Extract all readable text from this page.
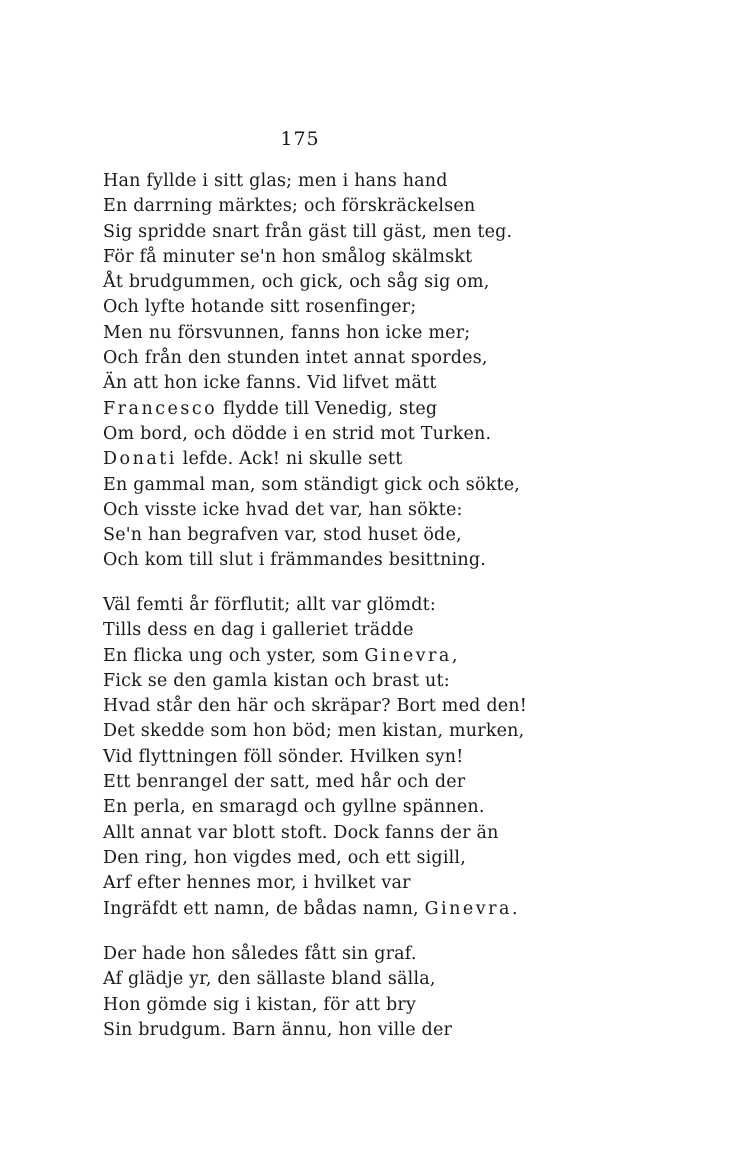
175
Han fyllde i sitt glas; men i hans hand
En darrning märktes; och förskräckelsen
Sig spridde snart från gäst till gäst, men teg.
För få minuter se'n hon smålog skälmskt
Åt brudgummen, och gick, och såg sig om,
Och lyfte hotande sitt rosenfinger;
Men nu försvunnen, fanns hon icke mer;
Och från den stunden intet annat spordes,
Än att hon icke fanns. Vid lifvet mätt
Francesco flydde till Venedig, steg
Om bord, och dödde i en strid mot Turken.
Donati lefde. Ack! ni skulle sett
En gammal man, som ständigt gick och sökte,
Och visste icke hvad det var, han sökte:
Se'n han begrafven var, stod huset öde,
Och kom till slut i främmandes besittning.
Väl femti år förflutit; allt var glömdt:
Tills dess en dag i galleriet trädde
En flicka ung och yster, som Ginevra,
Fick se den gamla kistan och brast ut:
Hvad står den här och skräpar? Bort med den!
Det skedde som hon böd; men kistan, murken,
Vid flyttningen föll sönder. Hvilken syn!
Ett benrangel der satt, med hår och der
En perla, en smaragd och gyllne spännen.
Allt annat var blott stoft. Dock fanns der än
Den ring, hon vigdes med, och ett sigill,
Arf efter hennes mor, i hvilket var
Ingräfdt ett namn, de bådas namn, Ginevra.
Der hade hon således fått sin graf.
Af glädje yr, den sällaste bland sälla,
Hon gömde sig i kistan, för att bry
Sin brudgum. Barn ännu, hon ville der
